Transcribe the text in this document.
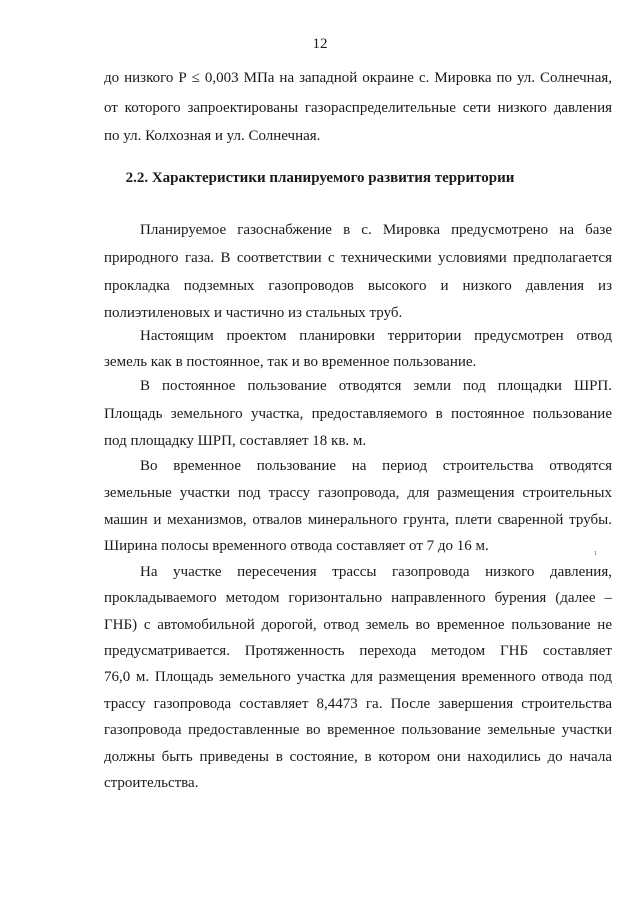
12
до низкого Р ≤ 0,003 МПа на западной окраине с. Мировка по ул. Солнечная,
от которого запроектированы газораспределительные сети низкого давления
по ул. Колхозная и ул. Солнечная.
2.2. Характеристики планируемого развития территории
Планируемое газоснабжение в с. Мировка предусмотрено на базе
природного газа. В соответствии с техническими условиями предполагается
прокладка подземных газопроводов высокого и низкого давления из
полиэтиленовых и частично из стальных труб.
Настоящим проектом планировки территории предусмотрен отвод
земель как в постоянное, так и во временное пользование.
В постоянное пользование отводятся земли под площадки ШРП.
Площадь земельного участка, предоставляемого в постоянное пользование
под площадку ШРП, составляет 18 кв. м.
Во временное пользование на период строительства отводятся
земельные участки под трассу газопровода, для размещения строительных
машин и механизмов, отвалов минерального грунта, плети сваренной трубы.
Ширина полосы временного отвода составляет от 7 до 16 м.	1
На участке пересечения трассы газопровода низкого давления,
прокладываемого методом горизонтально направленного бурения (далее –
ГНБ) с автомобильной дорогой, отвод земель во временное пользование не
предусматривается. Протяженность перехода методом ГНБ составляет
76,0 м. Площадь земельного участка для размещения временного отвода под
трассу газопровода составляет 8,4473 га. После завершения строительства
газопровода предоставленные во временное пользование земельные участки
должны быть приведены в состояние, в котором они находились до начала
строительства.
